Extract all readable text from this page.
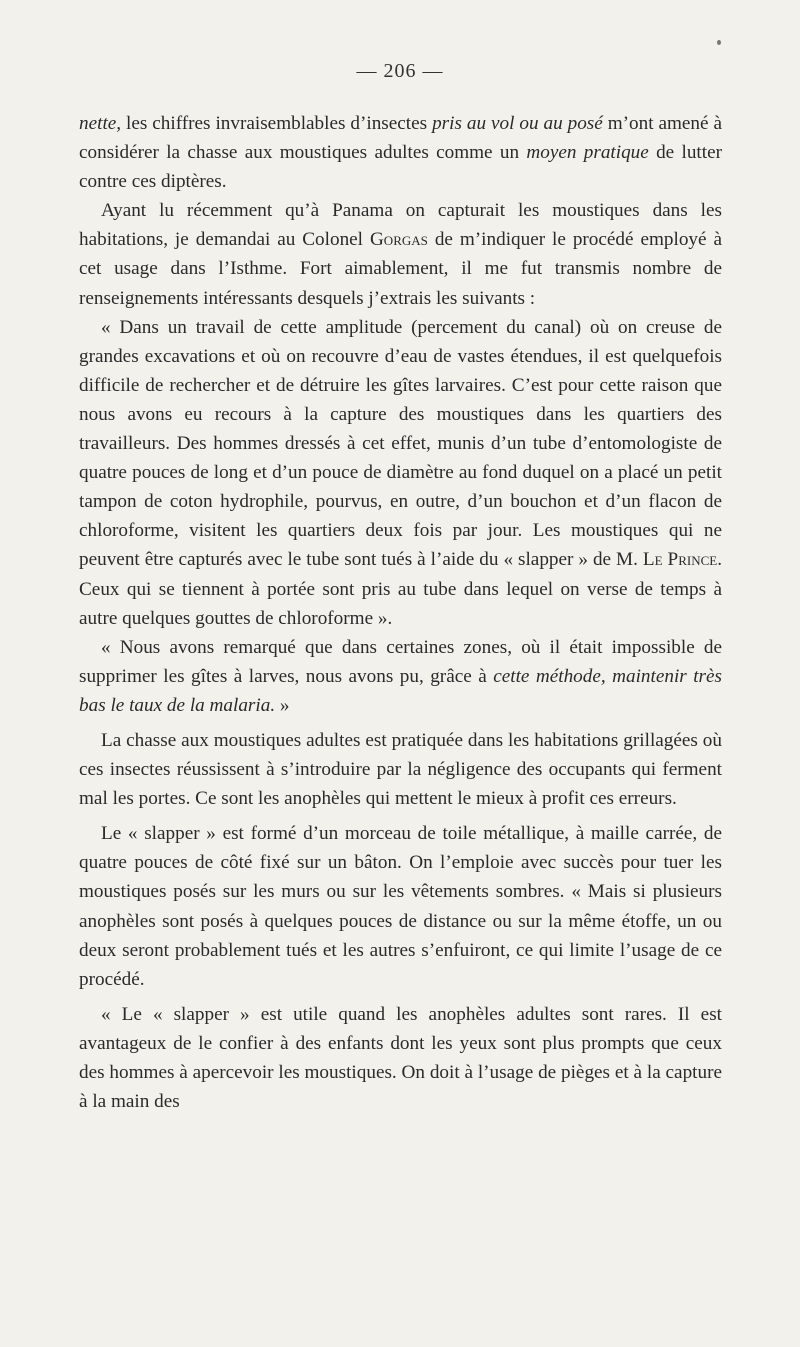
— 206 —

nette, les chiffres invraisemblables d’insectes pris au vol ou au posé m’ont amené à considérer la chasse aux moustiques adultes comme un moyen pratique de lutter contre ces diptères.

Ayant lu récemment qu’à Panama on capturait les moustiques dans les habitations, je demandai au Colonel Gorgas de m’indiquer le procédé employé à cet usage dans l’Isthme. Fort aimablement, il me fut transmis nombre de renseignements intéressants desquels j’extrais les suivants :

« Dans un travail de cette amplitude (percement du canal) où on creuse de grandes excavations et où on recouvre d’eau de vastes étendues, il est quelquefois difficile de rechercher et de détruire les gîtes larvaires. C’est pour cette raison que nous avons eu recours à la capture des moustiques dans les quartiers des travailleurs. Des hommes dressés à cet effet, munis d’un tube d’entomologiste de quatre pouces de long et d’un pouce de diamètre au fond duquel on a placé un petit tampon de coton hydrophile, pourvus, en outre, d’un bouchon et d’un flacon de chloroforme, visitent les quartiers deux fois par jour. Les moustiques qui ne peuvent être capturés avec le tube sont tués à l’aide du « slapper » de M. Le Prince. Ceux qui se tiennent à portée sont pris au tube dans lequel on verse de temps à autre quelques gouttes de chloroforme ».

« Nous avons remarqué que dans certaines zones, où il était impossible de supprimer les gîtes à larves, nous avons pu, grâce à cette méthode, maintenir très bas le taux de la malaria. »

La chasse aux moustiques adultes est pratiquée dans les habitations grillagées où ces insectes réussissent à s’introduire par la négligence des occupants qui ferment mal les portes. Ce sont les anophèles qui mettent le mieux à profit ces erreurs.

Le « slapper » est formé d’un morceau de toile métallique, à maille carrée, de quatre pouces de côté fixé sur un bâton. On l’emploie avec succès pour tuer les moustiques posés sur les murs ou sur les vêtements sombres. « Mais si plusieurs anophèles sont posés à quelques pouces de distance ou sur la même étoffe, un ou deux seront probablement tués et les autres s’enfuiront, ce qui limite l’usage de ce procédé.

« Le « slapper » est utile quand les anophèles adultes sont rares. Il est avantageux de le confier à des enfants dont les yeux sont plus prompts que ceux des hommes à apercevoir les moustiques. On doit à l’usage de pièges et à la capture à la main des
